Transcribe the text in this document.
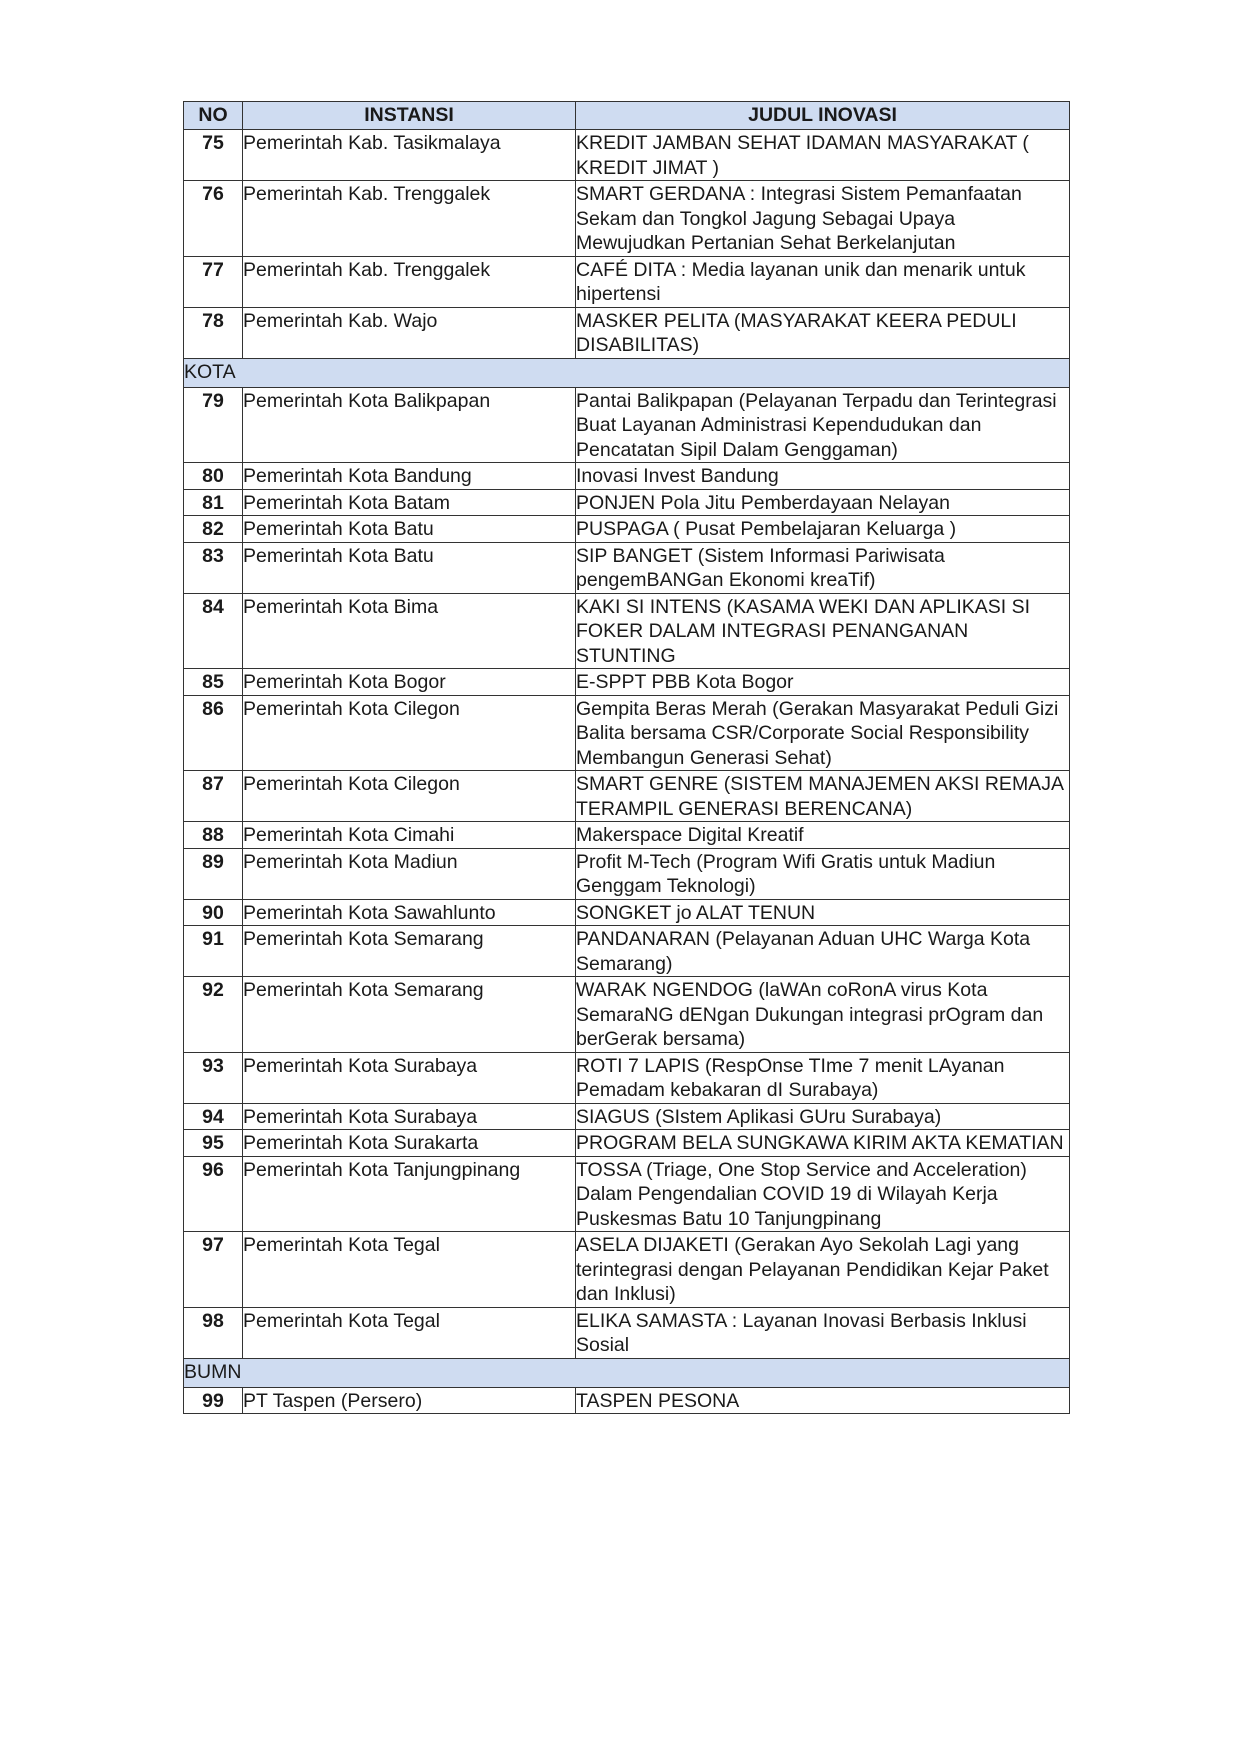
NO	INSTANSI	JUDUL INOVASI
75	Pemerintah Kab. Tasikmalaya	KREDIT JAMBAN SEHAT IDAMAN MASYARAKAT ( KREDIT JIMAT )
76	Pemerintah Kab. Trenggalek	SMART GERDANA : Integrasi Sistem Pemanfaatan Sekam dan Tongkol Jagung Sebagai Upaya Mewujudkan Pertanian Sehat Berkelanjutan
77	Pemerintah Kab. Trenggalek	CAFÉ DITA : Media layanan unik dan menarik untuk hipertensi
78	Pemerintah Kab. Wajo	MASKER PELITA (MASYARAKAT KEERA PEDULI DISABILITAS)
KOTA		
79	Pemerintah Kota Balikpapan	Pantai Balikpapan (Pelayanan Terpadu dan Terintegrasi Buat Layanan Administrasi Kependudukan dan Pencatatan Sipil Dalam Genggaman)
80	Pemerintah Kota Bandung	Inovasi Invest Bandung
81	Pemerintah Kota Batam	PONJEN Pola Jitu Pemberdayaan Nelayan
82	Pemerintah Kota Batu	PUSPAGA ( Pusat Pembelajaran Keluarga )
83	Pemerintah Kota Batu	SIP BANGET (Sistem Informasi Pariwisata pengemBANGan Ekonomi kreaTif)
84	Pemerintah Kota Bima	KAKI SI INTENS (KASAMA WEKI DAN APLIKASI SI FOKER DALAM INTEGRASI PENANGANAN STUNTING
85	Pemerintah Kota Bogor	E-SPPT PBB Kota Bogor
86	Pemerintah Kota Cilegon	Gempita Beras Merah (Gerakan Masyarakat Peduli Gizi Balita bersama CSR/Corporate Social Responsibility Membangun Generasi Sehat)
87	Pemerintah Kota Cilegon	SMART GENRE (SISTEM MANAJEMEN AKSI REMAJA TERAMPIL GENERASI BERENCANA)
88	Pemerintah Kota Cimahi	Makerspace Digital Kreatif
89	Pemerintah Kota Madiun	Profit M-Tech (Program Wifi Gratis untuk Madiun Genggam Teknologi)
90	Pemerintah Kota Sawahlunto	SONGKET jo ALAT TENUN
91	Pemerintah Kota Semarang	PANDANARAN (Pelayanan Aduan UHC Warga Kota Semarang)
92	Pemerintah Kota Semarang	WARAK NGENDOG (laWAn coRonA virus Kota SemaraNG dENgan Dukungan integrasi prOgram dan berGerak bersama)
93	Pemerintah Kota Surabaya	ROTI 7 LAPIS (RespOnse TIme 7 menit LAyanan Pemadam kebakaran dI Surabaya)
94	Pemerintah Kota Surabaya	SIAGUS (SIstem Aplikasi GUru Surabaya)
95	Pemerintah Kota Surakarta	PROGRAM BELA SUNGKAWA KIRIM AKTA KEMATIAN
96	Pemerintah Kota Tanjungpinang	TOSSA (Triage, One Stop Service and Acceleration) Dalam Pengendalian COVID 19 di Wilayah Kerja Puskesmas Batu 10 Tanjungpinang
97	Pemerintah Kota Tegal	ASELA DIJAKETI (Gerakan Ayo Sekolah Lagi yang terintegrasi dengan Pelayanan Pendidikan Kejar Paket dan Inklusi)
98	Pemerintah Kota Tegal	ELIKA SAMASTA : Layanan Inovasi Berbasis Inklusi Sosial
BUMN		
99	PT Taspen (Persero)	TASPEN PESONA
